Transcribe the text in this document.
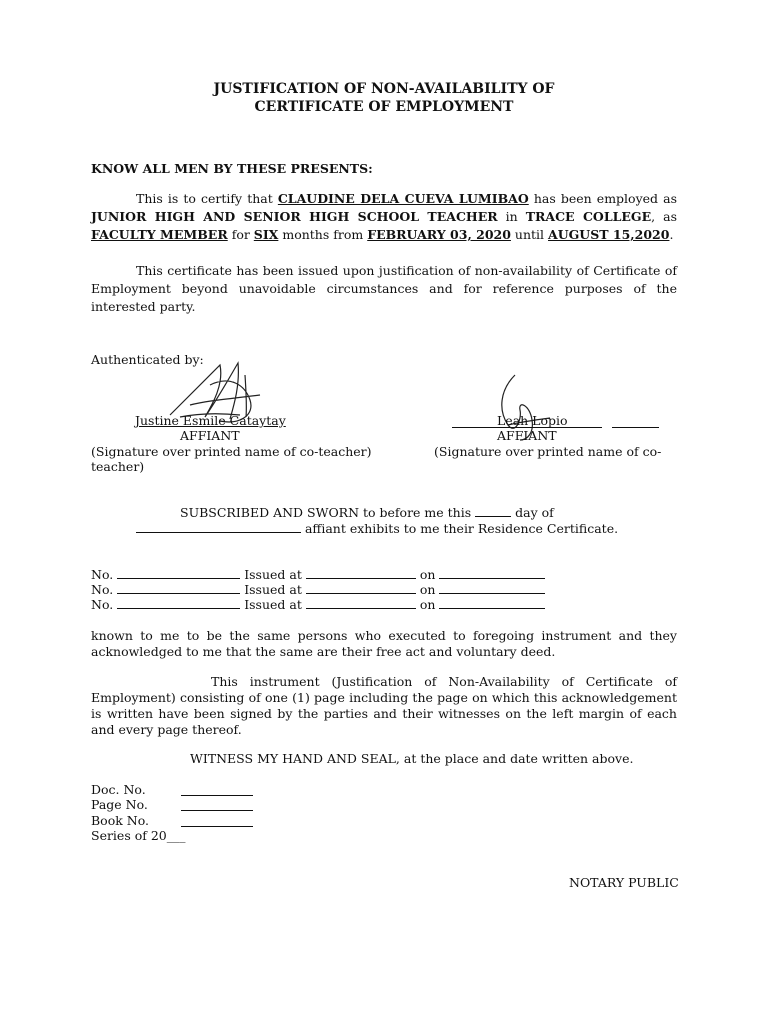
JUSTIFICATION OF NON-AVAILABILITY OF
CERTIFICATE OF EMPLOYMENT
KNOW ALL MEN BY THESE PRESENTS:
This is to certify that CLAUDINE DELA CUEVA LUMIBAO has been employed as JUNIOR HIGH AND SENIOR HIGH SCHOOL TEACHER in TRACE COLLEGE, as FACULTY MEMBER for SIX months from FEBRUARY 03, 2020 until AUGUST 15,2020.
This certificate has been issued upon justification of non-availability of Certificate of Employment beyond unavoidable circumstances and for reference purposes of the interested party.
Authenticated by:
Justine Esmile Cataytay
AFFIANT
(Signature over printed name of co-teacher)
teacher)
Leah Lopio
AFFIANT
(Signature over printed name of co-
SUBSCRIBED AND SWORN to before me this	day of
affiant exhibits to me their Residence Certificate.
No.	Issued at	on
No.	Issued at	on
No.	Issued at	on
known to me to be the same persons who executed to foregoing instrument and they acknowledged to me that the same are their free act and voluntary deed.
This instrument (Justification of Non-Availability of Certificate of Employment) consisting of one (1) page including the page on which this acknowledgement is written have been signed by the parties and their witnesses on the left margin of each and every page thereof.
WITNESS MY HAND AND SEAL, at the place and date written above.
Doc. No.
Page No.
Book No.
Series of 20___
NOTARY PUBLIC
